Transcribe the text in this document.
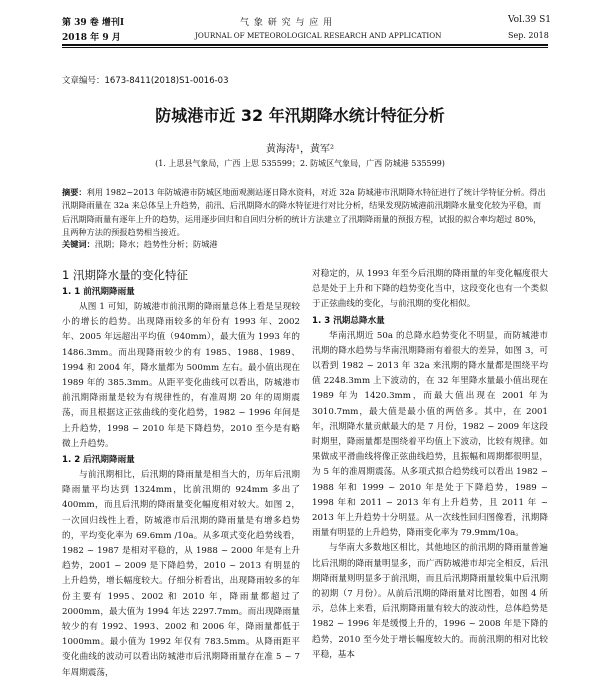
第 39 卷 增刊Ⅰ	气 象 研 究 与 应 用	Vol.39 S1
2018 年 9 月	JOURNAL OF METEOROLOGICAL RESEARCH AND APPLICATION	Sep. 2018
文章编号：1673-8411(2018)S1-0016-03
防城港市近 32 年汛期降水统计特征分析
黄海涛¹，黄军²
(1. 上思县气象局，广西 上思 535599；2. 防城区气象局，广西 防城港 535599)
摘要：利用 1982~2013 年防城港市防城区地面观测站逐日降水资料，对近 32a 防城港市汛期降水特征进行了统计学特征分析。得出汛期降雨量在 32a 来总体呈上升趋势，前汛、后汛期降水的降水特征进行对比分析，结果发现防城港前汛期降水量变化较为平稳，而后汛期降雨量有逐年上升的趋势，运用逐步回归和自回归分析的统计方法建立了汛期降雨量的预报方程，试报的拟合率均超过 80%，且两种方法的预报趋势相当接近。
关键词：汛期；降水；趋势性分析；防城港
1 汛期降水量的变化特征
1. 1 前汛期降雨量

从图 1 可知，防城港市前汛期的降雨量总体上看是呈现较小的增长的趋势。出现降雨较多的年份有 1993 年、2002 年、2005 年远超出平均值（940mm），最大值为 1993 年的 1486.3mm。而出现降雨较少的有 1985、1988、1989、1994 和 2004 年，降水量都为 500mm 左右。最小值出现在 1989 年的 385.3mm。从距平变化曲线可以看出，防城港市前汛期降雨量是较为有规律性的，有准周期 20 年的周期震荡，而且根据这正弦曲线的变化趋势，1982 ~ 1996 年间是上升趋势，1998 ~ 2010 年是下降趋势，2010 至今是有略微上升趋势。

1. 2 后汛期降雨量

与前汛期相比，后汛期的降雨量是相当大的，历年后汛期降雨量平均达到 1324mm，比前汛期的 924mm 多出了 400mm，而且后汛期的降雨量变化幅度相对较大。如图 2，一次回归线性上看，防城港市后汛期的降雨量是有增多趋势的，平均变化率为 69.6mm /10a。从多项式变化趋势线看，1982 ~ 1987 是相对平稳的，从 1988 ~ 2000 年是有上升趋势，2001 ~ 2009 是下降趋势，2010 ~ 2013 有明显的上升趋势，增长幅度较大。仔细分析看出，出现降雨较多的年份主要有 1995、2002 和 2010 年，降雨量都超过了 2000mm，最大值为 1994 年达 2297.7mm。而出现降雨量较少的有 1992、1993、2002 和 2006 年，降雨量都低于 1000mm。最小值为 1992 年仅有 783.5mm。从降雨距平变化曲线的波动可以看出防城港市后汛期降雨量存在准 5 ~ 7 年周期震荡，

对稳定的，从 1993 年至今后汛期的降雨量的年变化幅度很大总是处于上升和下降的趋势变化当中，这段变化也有一个类似于正弦曲线的变化，与前汛期的变化相似。

1. 3 汛期总降水量

华南汛期近 50a 的总降水趋势变化不明显，而防城港市汛期的降水趋势与华南汛期降雨有着很大的差异，如图 3，可以看到 1982 ~ 2013 年 32a 来汛期的降水量都是围绕平均值 2248.3mm 上下波动的，在 32 年里降水量最小值出现在 1989 年为 1420.3mm，而最大值出现在 2001 年为 3010.7mm，最大值是最小值的两倍多。其中，在 2001 年，汛期降水量贡献最大的是 7 月份，1982 ~ 2009 年这段时期里，降雨量都是围绕着平均值上下波动，比较有规律。如果做成平滑曲线将像正弦曲线趋势，且振幅和周期都很明显，为 5 年的准周期震荡。从多项式拟合趋势线可以看出 1982 ~ 1988 年和 1999 ~ 2010 年是处于下降趋势，1989 ~ 1998 年和 2011 ~ 2013 年有上升趋势，且 2011 年 ~ 2013 年上升趋势十分明显。从一次线性回归图像看，汛期降雨量有明显的上升趋势，降雨变化率为 79.9mm/10a。

与华南大多数地区相比，其他地区的前汛期的降雨量普遍比后汛期的降雨量明显多，而广西防城港市却完全相反，后汛期降雨量则明显多于前汛期，而且后汛期降雨量较集中后汛期的初期（7 月份）。从前后汛期的降雨量对比图看，如图 4 所示，总体上来看，后汛期降雨量有较大的波动性，总体趋势是 1982 ~ 1996 年是缓慢上升的，1996 ~ 2008 年是下降的趋势，2010 至今处于增长幅度较大的。而前汛期的相对比较平稳，基本
